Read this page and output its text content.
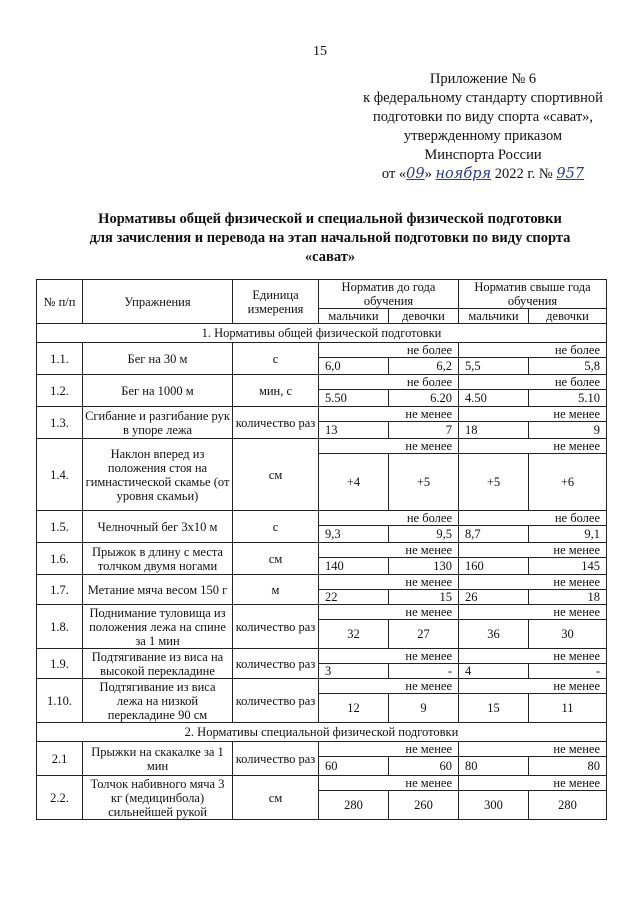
15
Приложение № 6
к федеральному стандарту спортивной
подготовки по виду спорта «сават»,
утвержденному приказом
Минспорта России
от «09» ноября 2022 г. № 957
Нормативы общей физической и специальной физической подготовки
для зачисления и перевода на этап начальной подготовки по виду спорта
«сават»
№ п/п	Упражнения	Единица измерения	Норматив до года обучения		Норматив свыше года обучения	
			мальчики	девочки	мальчики	девочки
1. Нормативы общей физической подготовки						
1.1.	Бег на 30 м	с	не более		не более	
			6,0	6,2	5,5	5,8
1.2.	Бег на 1000 м	мин, с	не более		не более	
			5.50	6.20	4.50	5.10
1.3.	Сгибание и разгибание рук в упоре лежа	количество раз	не менее		не менее	
			13	7	18	9
1.4.	Наклон вперед из положения стоя на гимнастической скамье (от уровня скамьи)	см	не менее		не менее	
			+4	+5	+5	+6
1.5.	Челночный бег 3х10 м	с	не более		не более	
			9,3	9,5	8,7	9,1
1.6.	Прыжок в длину с места толчком двумя ногами	см	не менее		не менее	
			140	130	160	145
1.7.	Метание мяча весом 150 г	м	не менее		не менее	
			22	15	26	18
1.8.	Поднимание туловища из положения лежа на спине за 1 мин	количество раз	не менее		не менее	
			32	27	36	30
1.9.	Подтягивание из виса на высокой перекладине	количество раз	не менее		не менее	
			3	-	4	-
1.10.	Подтягивание из виса лежа на низкой перекладине 90 см	количество раз	не менее		не менее	
			12	9	15	11
2. Нормативы специальной физической подготовки						
2.1	Прыжки на скакалке за 1 мин	количество раз	не менее		не менее	
			60	60	80	80
2.2.	Толчок набивного мяча 3 кг (медицинбола) сильнейшей рукой	см	не менее		не менее	
			280	260	300	280
